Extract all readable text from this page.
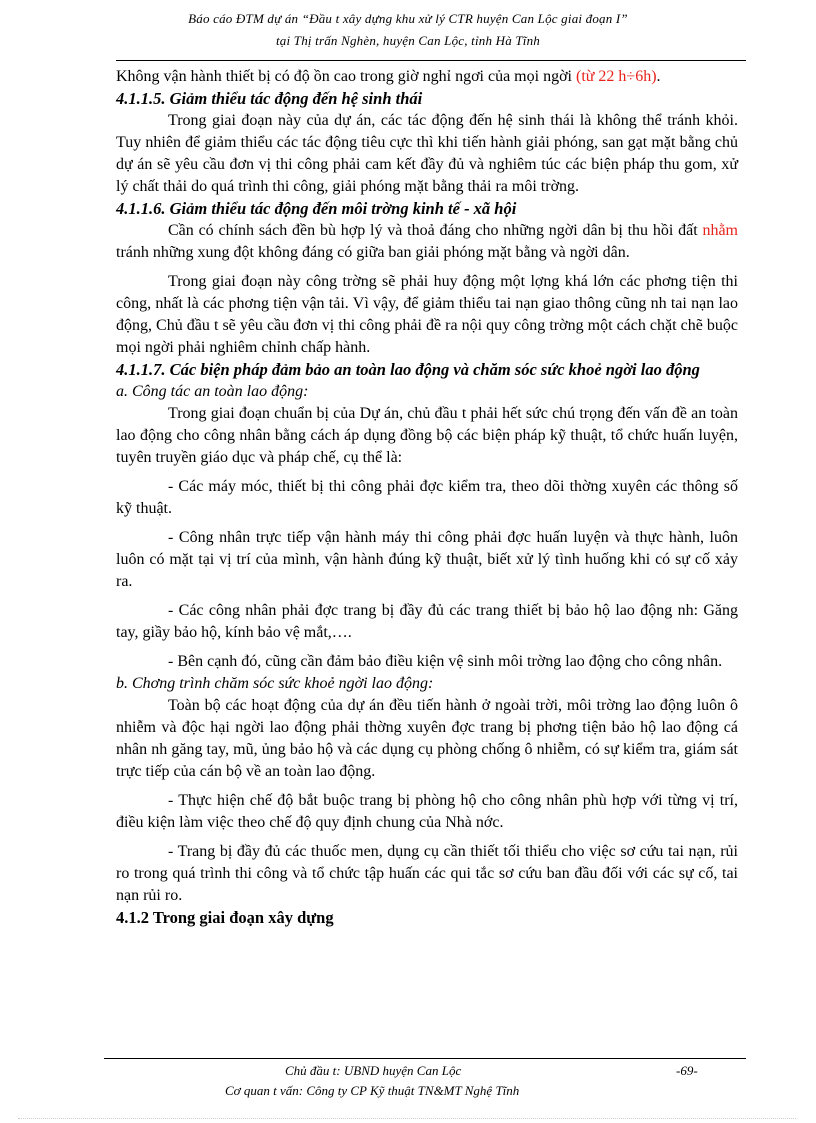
Báo cáo ĐTM dự án “Đầu t xây dựng khu xử lý CTR huyện Can Lộc giai đoạn I”
tại Thị trấn Nghèn, huyện Can Lộc, tỉnh Hà Tĩnh

Không vận hành thiết bị có độ ồn cao trong giờ nghỉ ngơi của mọi ngời (từ 22 h÷6h).

4.1.1.5. Giảm thiểu tác động đến hệ sinh thái

Trong giai đoạn này của dự án, các tác động đến hệ sinh thái là không thể tránh khỏi. Tuy nhiên để giảm thiểu các tác động tiêu cực thì khi tiến hành giải phóng, san gạt mặt bằng chủ dự án sẽ yêu cầu đơn vị thi công phải cam kết đầy đủ và nghiêm túc các biện pháp thu gom, xử lý chất thải do quá trình thi công, giải phóng mặt bằng thải ra môi trờng.

4.1.1.6. Giảm thiểu tác động đến môi trờng kinh tế - xã hội

Cần có chính sách đền bù hợp lý và thoả đáng cho những ngời dân bị thu hồi đất nhằm tránh những xung đột không đáng có giữa ban giải phóng mặt bằng và ngời dân.

Trong giai đoạn này công trờng sẽ phải huy động một lợng khá lớn các phơng tiện thi công, nhất là các phơng tiện vận tải. Vì vậy, để giảm thiểu tai nạn giao thông cũng nh tai nạn lao động, Chủ đầu t sẽ yêu cầu đơn vị thi công phải đề ra nội quy công trờng một cách chặt chẽ buộc mọi ngời phải nghiêm chỉnh chấp hành.

4.1.1.7. Các biện pháp đảm bảo an toàn lao động và chăm sóc sức khoẻ ngời lao động

a. Công tác an toàn lao động:

Trong giai đoạn chuẩn bị của Dự án, chủ đầu t phải hết sức chú trọng đến vấn đề an toàn lao động cho công nhân bằng cách áp dụng đồng bộ các biện pháp kỹ thuật, tổ chức huấn luyện, tuyên truyền giáo dục và pháp chế, cụ thể là:

- Các máy móc, thiết bị thi công phải đợc kiểm tra, theo dõi thờng xuyên các thông số kỹ thuật.

- Công nhân trực tiếp vận hành máy thi công phải đợc huấn luyện và thực hành, luôn luôn có mặt tại vị trí của mình, vận hành đúng kỹ thuật, biết xử lý tình huống khi có sự cố xảy ra.

- Các công nhân phải đợc trang bị đầy đủ các trang thiết bị bảo hộ lao động nh: Găng tay, giầy bảo hộ, kính bảo vệ mắt,….

- Bên cạnh đó, cũng cần đảm bảo điều kiện vệ sinh môi trờng lao động cho công nhân.

b. Chơng trình chăm sóc sức khoẻ ngời lao động:

Toàn bộ các hoạt động của dự án đều tiến hành ở ngoài trời, môi trờng lao động luôn ô nhiễm và độc hại ngời lao động phải thờng xuyên đợc trang bị phơng tiện bảo hộ lao động cá nhân nh găng tay, mũ, ủng bảo hộ và các dụng cụ phòng chống ô nhiễm, có sự kiểm tra, giám sát trực tiếp của cán bộ về an toàn lao động.

- Thực hiện chế độ bắt buộc trang bị phòng hộ cho công nhân phù hợp với từng vị trí, điều kiện làm việc theo chế độ quy định chung của Nhà nớc.

- Trang bị đầy đủ các thuốc men, dụng cụ cần thiết tối thiểu cho việc sơ cứu tai nạn, rủi ro trong quá trình thi công và tổ chức tập huấn các qui tắc sơ cứu ban đầu đối với các sự cố, tai nạn rủi ro.

4.1.2 Trong giai đoạn xây dựng

Chủ đầu t: UBND huyện Can Lộc	-69-
Cơ quan t vấn: Công ty CP Kỹ thuật TN&MT Nghệ Tĩnh
